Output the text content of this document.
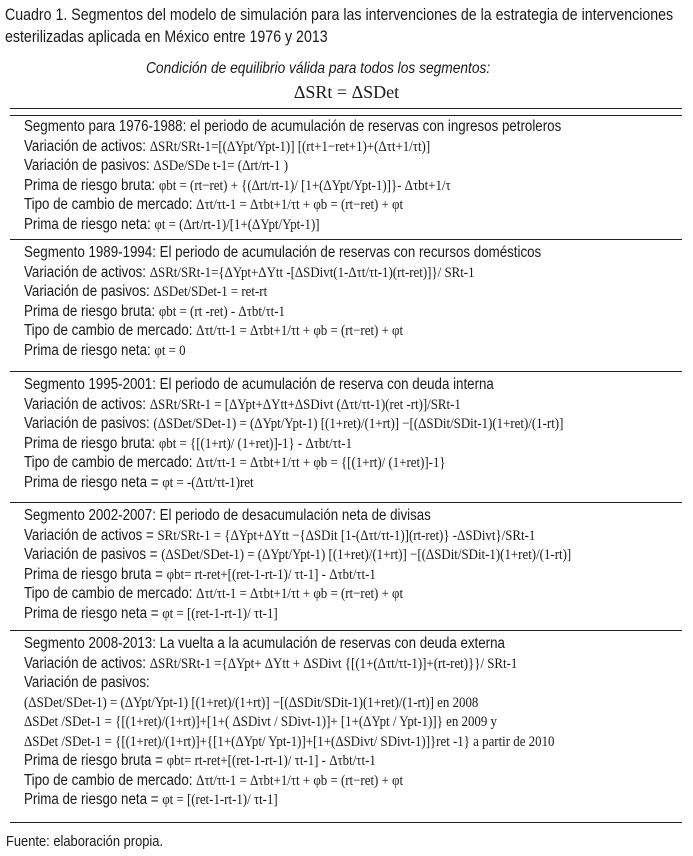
Cuadro 1. Segmentos del modelo de simulación para las intervenciones de la estrategia de intervenciones
esterilizadas aplicada en México entre 1976 y 2013
Condición de equilibrio válida para todos los segmentos:
ΔSRt = ΔSDet
Segmento para 1976-1988: el periodo de acumulación de reservas con ingresos petroleros
Variación de activos: ΔSRt/SRt-1=[(ΔYpt/Ypt-1)] [(rt+1−ret+1)+(Δτt+1/τt)]
Variación de pasivos: ΔSDe/SDe t-1= (Δrt/rt-1 )
Prima de riesgo bruta: φbt = (rt−ret) + {(Δrt/rt-1)/ [1+(ΔYpt/Ypt-1)]}- Δτbt+1/τ
Tipo de cambio de mercado: Δτt/τt-1 = Δτbt+1/τt + φb = (rt−ret) + φt
Prima de riesgo neta: φt = (Δrt/rt-1)/[1+(ΔYpt/Ypt-1)]
Segmento 1989-1994: El periodo de acumulación de reservas con recursos domésticos
Variación de activos: ΔSRt/SRt-1={ΔYpt+ΔYtt -[ΔSDivt(1-Δτt/τt-1)(rt-ret)]}/ SRt-1
Variación de pasivos: ΔSDet/SDet-1 = ret-rt
Prima de riesgo bruta: φbt = (rt -ret) - Δτbt/τt-1
Tipo de cambio de mercado: Δτt/τt-1 = Δτbt+1/τt + φb = (rt−ret) + φt
Prima de riesgo neta: φt = 0
Segmento 1995-2001: El periodo de acumulación de reserva con deuda interna
Variación de activos: ΔSRt/SRt-1 = [ΔYpt+ΔYtt+ΔSDivt (Δτt/τt-1)(ret -rt)]/SRt-1
Variación de pasivos: (ΔSDet/SDet-1) = (ΔYpt/Ypt-1) [(1+ret)/(1+rt)] −[(ΔSDit/SDit-1)(1+ret)/(1-rt)]
Prima de riesgo bruta: φbt = {[(1+rt)/ (1+ret)]-1} - Δτbt/τt-1
Tipo de cambio de mercado: Δτt/τt-1 = Δτbt+1/τt + φb = {[(1+rt)/ (1+ret)]-1}
Prima de riesgo neta = φt = -(Δτt/τt-1)ret
Segmento 2002-2007: El periodo de desacumulación neta de divisas
Variación de activos = SRt/SRt-1 = {ΔYpt+ΔYtt −{ΔSDit [1-(Δτt/τt-1)](rt-ret)} -ΔSDivt}/SRt-1
Variación de pasivos = (ΔSDet/SDet-1) = (ΔYpt/Ypt-1) [(1+ret)/(1+rt)] −[(ΔSDit/SDit-1)(1+ret)/(1-rt)]
Prima de riesgo bruta = φbt= rt-ret+[(ret-1-rt-1)/ τt-1] - Δτbt/τt-1
Tipo de cambio de mercado: Δτt/τt-1 = Δτbt+1/τt + φb = (rt−ret) + φt
Prima de riesgo neta = φt = [(ret-1-rt-1)/ τt-1]
Segmento 2008-2013: La vuelta a la acumulación de reservas con deuda externa
Variación de activos: ΔSRt/SRt-1 ={ΔYpt+ ΔYtt + ΔSDivt {[(1+(Δτt/τt-1)]+(rt-ret)}}/ SRt-1
Variación de pasivos:
(ΔSDet/SDet-1) = (ΔYpt/Ypt-1) [(1+ret)/(1+rt)] −[(ΔSDit/SDit-1)(1+ret)/(1-rt)] en 2008
ΔSDet /SDet-1 = {[(1+ret)/(1+rt)]+[1+( ΔSDivt / SDivt-1)]+ [1+(ΔYpt / Ypt-1)]} en 2009 y
ΔSDet /SDet-1 = {[(1+ret)/(1+rt)]+{[1+(ΔYpt/ Ypt-1)]+[1+(ΔSDivt/ SDivt-1)]}ret -1} a partir de 2010
Prima de riesgo bruta = φbt= rt-ret+[(ret-1-rt-1)/ τt-1] - Δτbt/τt-1
Tipo de cambio de mercado: Δτt/τt-1 = Δτbt+1/τt + φb = (rt−ret) + φt
Prima de riesgo neta = φt = [(ret-1-rt-1)/ τt-1]
Fuente: elaboración propia.
